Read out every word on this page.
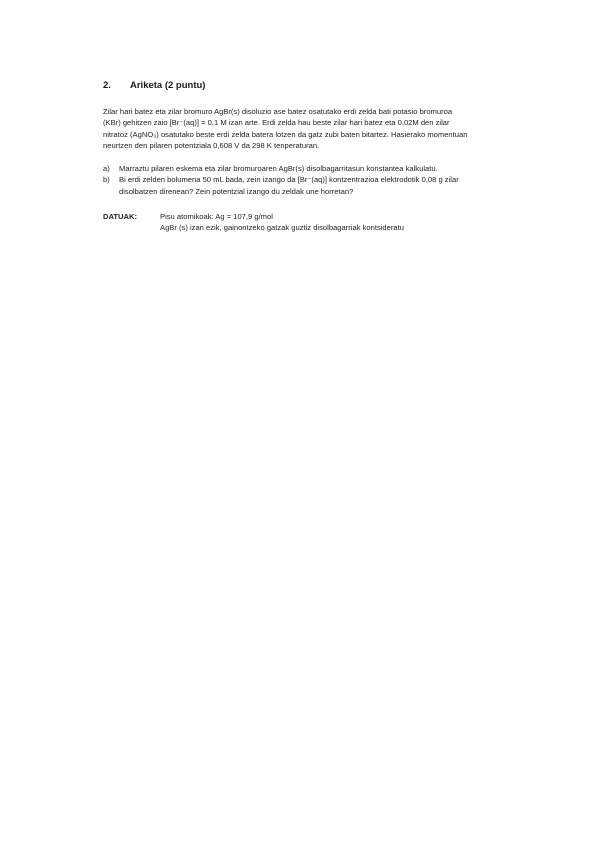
2.	Ariketa (2 puntu)
Zilar hari batez eta zilar bromuro AgBr(s) disoluzio ase batez osatutako erdi zelda bati potasio bromuroa
(KBr) gehitzen zaio [Br⁻(aq)] = 0,1 M izan arte. Erdi zelda hau beste zilar hari batez eta 0,02M den zilar
nitratoz (AgNO₃) osatutako beste erdi zelda batera lotzen da gatz zubi baten bitartez. Hasierako momentuan
neurtzen den pilaren potentziala 0,608 V da 298 K tenperaturan.
a)	Marraztu pilaren eskema eta zilar bromuroaren AgBr(s) disolbagarritasun konstantea kalkulatu.
b)	Bi erdi zelden bolumena 50 mL bada, zein izango da [Br⁻(aq)] kontzentrazioa elektrodotik 0,08 g zilar
disolbatzen direnean? Zein potentzial izango du zeldak une horretan?
DATUAK:	Pisu atomikoak: Ag = 107,9 g/mol
AgBr (s) izan ezik, gainontzeko gatzak guztiz disolbagarriak kontsideratu
